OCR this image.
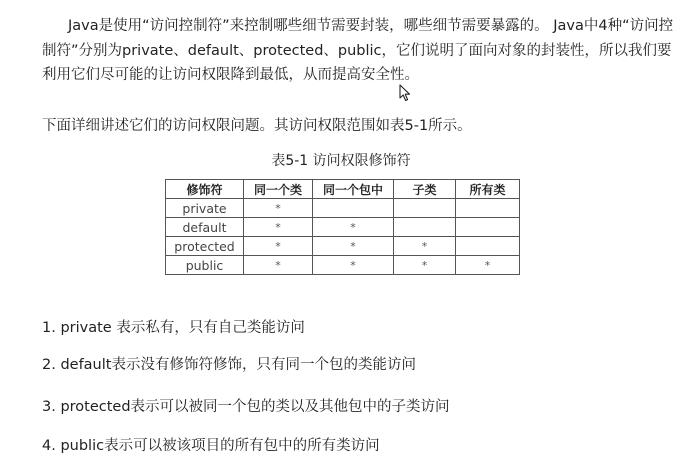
Java是使用“访问控制符”来控制哪些细节需要封装，哪些细节需要暴露的。 Java中4种“访问控制符”分别为private、default、protected、public，它们说明了面向对象的封装性，所以我们要利用它们尽可能的让访问权限降到最低，从而提高安全性。

下面详细讲述它们的访问权限问题。其访问权限范围如表5-1所示。

表5-1 访问权限修饰符
修饰符	同一个类	同一个包中	子类	所有类
private	*			
default	*	*		
protected	*	*	*	
public	*	*	*	*
1. private 表示私有，只有自己类能访问
2. default表示没有修饰符修饰，只有同一个包的类能访问
3. protected表示可以被同一个包的类以及其他包中的子类访问
4. public表示可以被该项目的所有包中的所有类访问
